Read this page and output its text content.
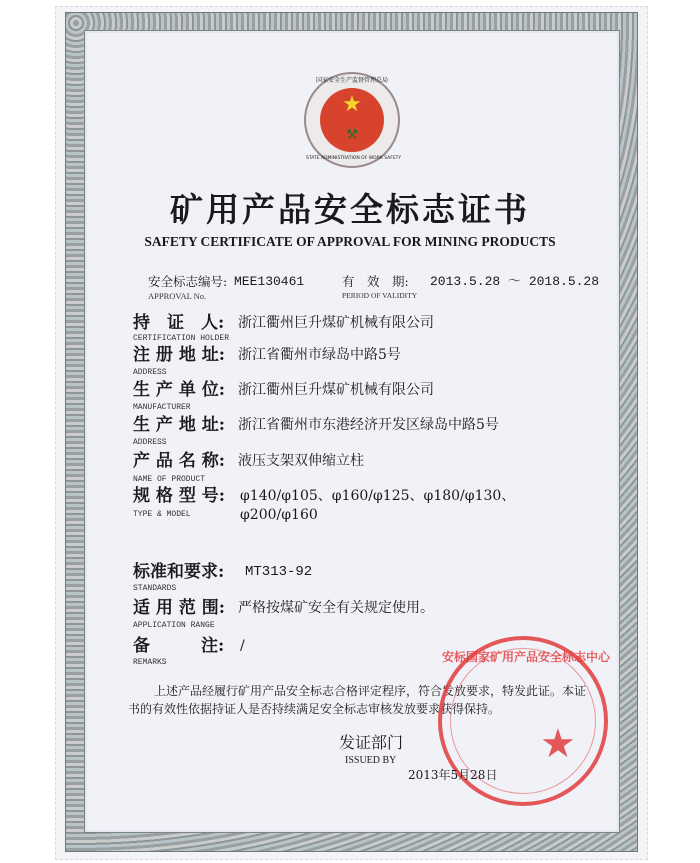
国家安全生产监督管理总局
★
⚒
STATE ADMINISTRATION OF WORK SAFETY
矿用产品安全标志证书
SAFETY CERTIFICATE OF APPROVAL FOR MINING PRODUCTS
安全标志编号: MEE130461
APPROVAL No.
有　效　期: 2013.5.28 ～ 2018.5.28
PERIOD OF VALIDITY
持　证　人: 浙江衢州巨升煤矿机械有限公司
CERTIFICATION HOLDER
注 册 地 址: 浙江省衢州市绿岛中路5号
ADDRESS
生 产 单 位: 浙江衢州巨升煤矿机械有限公司
MANUFACTURER
生 产 地 址: 浙江省衢州市东港经济开发区绿岛中路5号
ADDRESS
产 品 名 称: 液压支架双伸缩立柱
NAME OF PRODUCT
规 格 型 号: φ140/φ105、φ160/φ125、φ180/φ130、
TYPE & MODEL	φ200/φ160
标准和要求: MT313-92
STANDARDS
适 用 范 围: 严格按煤矿安全有关规定使用。
APPLICATION RANGE
备　　　注: /
REMARKS
上述产品经履行矿用产品安全标志合格评定程序，符合发放要求，特发此证。本证书的有效性依据持证人是否持续满足安全标志审核发放要求获得保持。
安标国家矿用产品安全标志中心
★
发证部门
ISSUED BY
2013年5月28日
